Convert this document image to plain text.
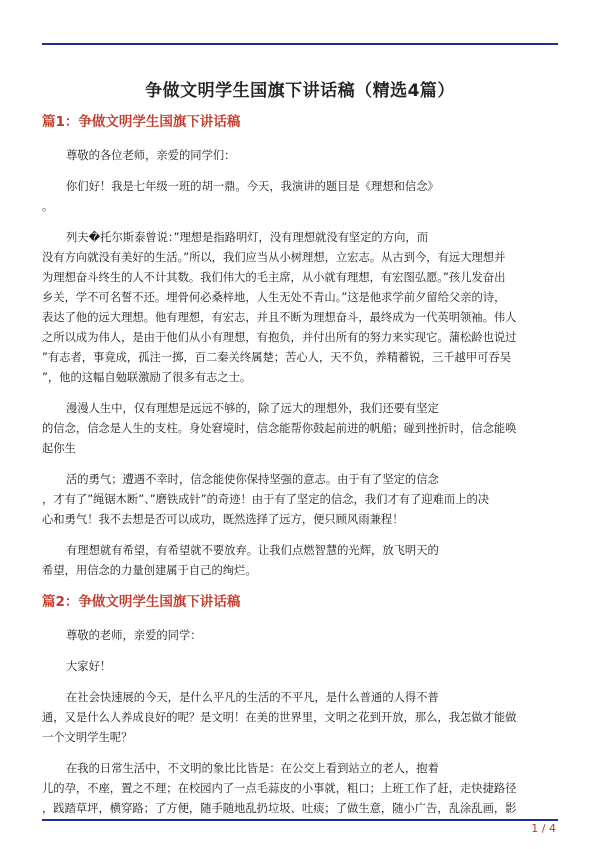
争做文明学生国旗下讲话稿（精选4篇）
篇1：争做文明学生国旗下讲话稿
尊敬的各位老师，亲爱的同学们：
你们好！我是七年级一班的胡一鼎。今天，我演讲的题目是《理想和信念》
。
列夫�托尔斯泰曾说：”理想是指路明灯，没有理想就没有坚定的方向，而
没有方向就没有美好的生活。”所以，我们应当从小树理想，立宏志。从古到今，有远大理想并
为理想奋斗终生的人不计其数。我们伟大的毛主席，从小就有理想，有宏图弘愿。”孩儿发奋出
乡关，学不可名誓不还。埋骨何必桑梓地，人生无处不青山。”这是他求学前夕留给父亲的诗，
表达了他的远大理想。他有理想，有宏志，并且不断为理想奋斗，最终成为一代英明领袖。伟人
之所以成为伟人，是由于他们从小有理想，有抱负，并付出所有的努力来实现它。蒲松龄也说过
”有志者，事竟成，孤注一掷，百二秦关终属楚；苦心人，天不负，养精蓄锐，三千越甲可吞吴
”，他的这幅自勉联激励了很多有志之士。
漫漫人生中，仅有理想是远远不够的，除了远大的理想外，我们还要有坚定
的信念，信念是人生的支柱。身处窘境时，信念能帮你鼓起前进的帆船；碰到挫折时，信念能唤
起你生
活的勇气；遭遇不幸时，信念能使你保持坚强的意志。由于有了坚定的信念
，才有了”绳锯木断”、”磨铁成针”的奇迹！由于有了坚定的信念，我们才有了迎难而上的决
心和勇气！我不去想是否可以成功，既然选择了远方，便只顾风雨兼程！
有理想就有希望，有希望就不要放弃。让我们点燃智慧的光辉，放飞明天的
希望，用信念的力量创建属于自己的绚烂。
篇2：争做文明学生国旗下讲话稿
尊敬的老师，亲爱的同学：
大家好！
在社会快速展的今天，是什么平凡的生活的不平凡，是什么普通的人得不普
通，又是什么人养成良好的呢？是文明！在美的世界里，文明之花到开放，那么，我怎做才能做
一个文明学生呢？
在我的日常生活中，不文明的象比比皆是：在公交上看到站立的老人，抱着
儿的孕，不座，置之不理；在校园内了一点毛蒜皮的小事就，粗口；上班工作了赶，走快捷路径
，践踏草坪，横穿路；了方便，随手随地乱扔垃圾、吐痰；了做生意，随小广告，乱涂乱画，影
1 / 4
